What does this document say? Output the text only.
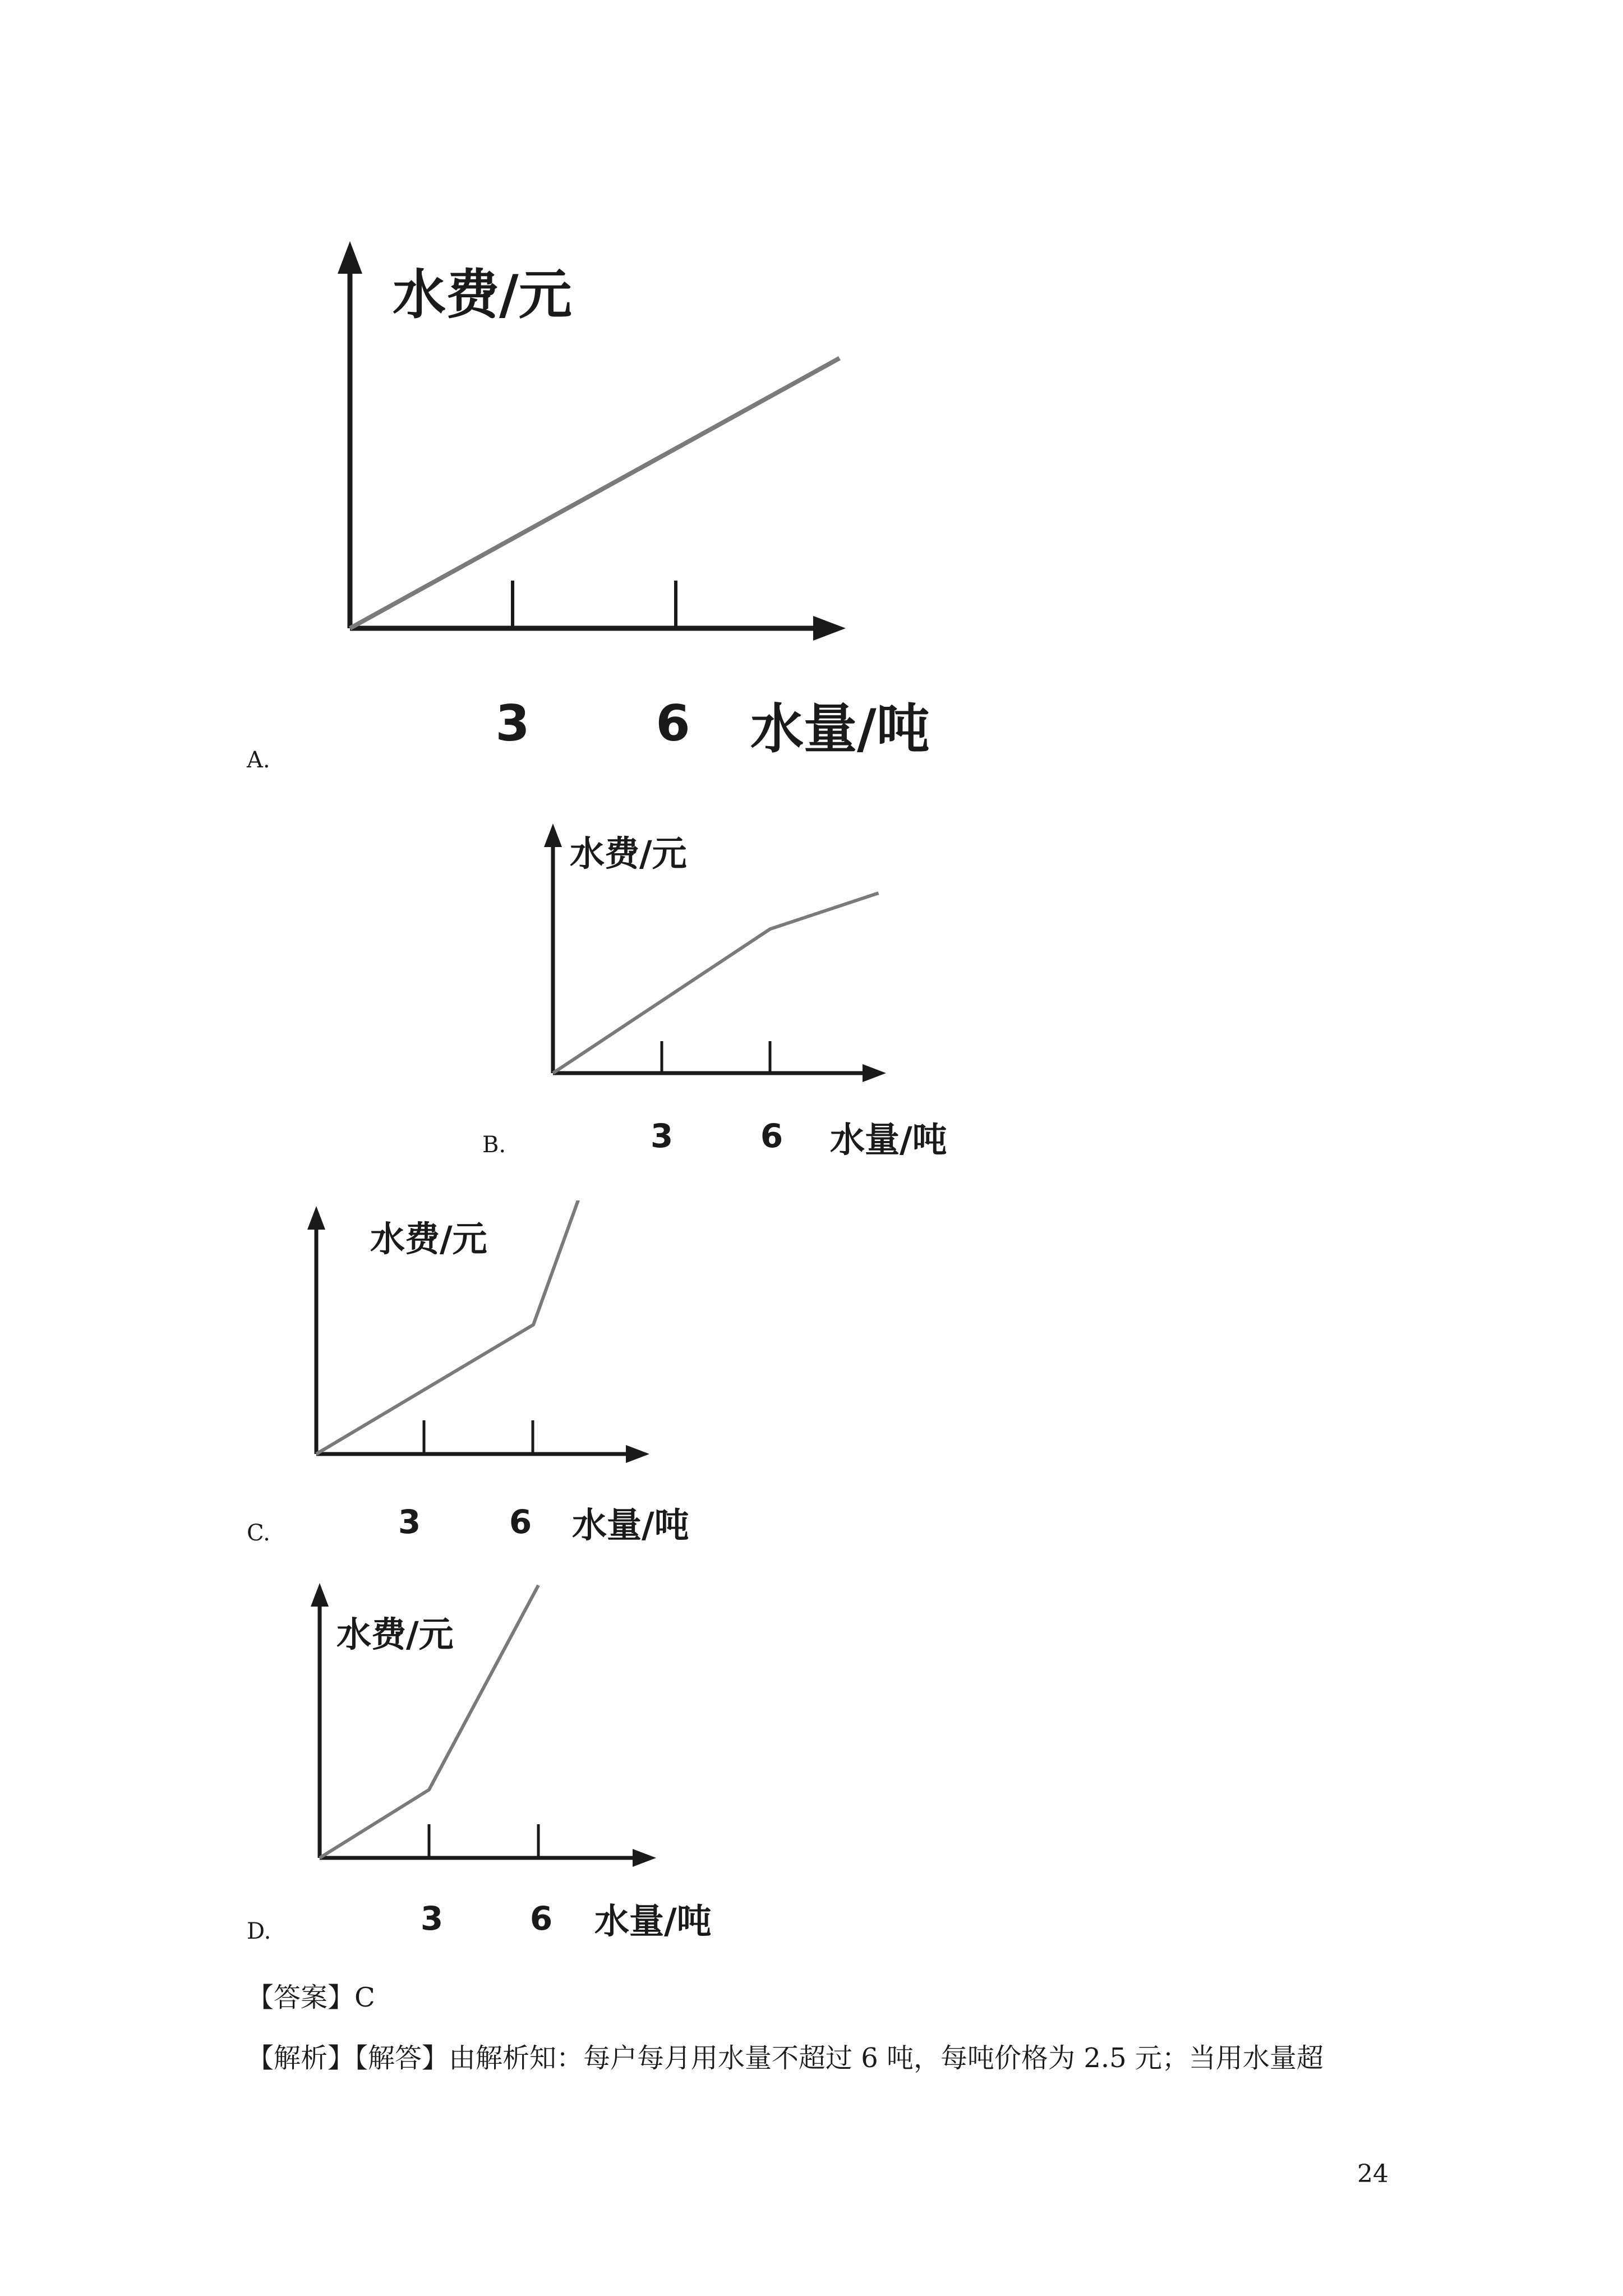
水费/元
3	6 水量/吨
A.
水费/元
3	6 水量/吨
B.
水费/元
3	6 水量/吨
C.
水费/元
3	6 水量/吨
D.
【答案】C
【解析】【解答】由解析知：每户每月用水量不超过 6 吨，每吨价格为 2.5 元；当用水量超
24
